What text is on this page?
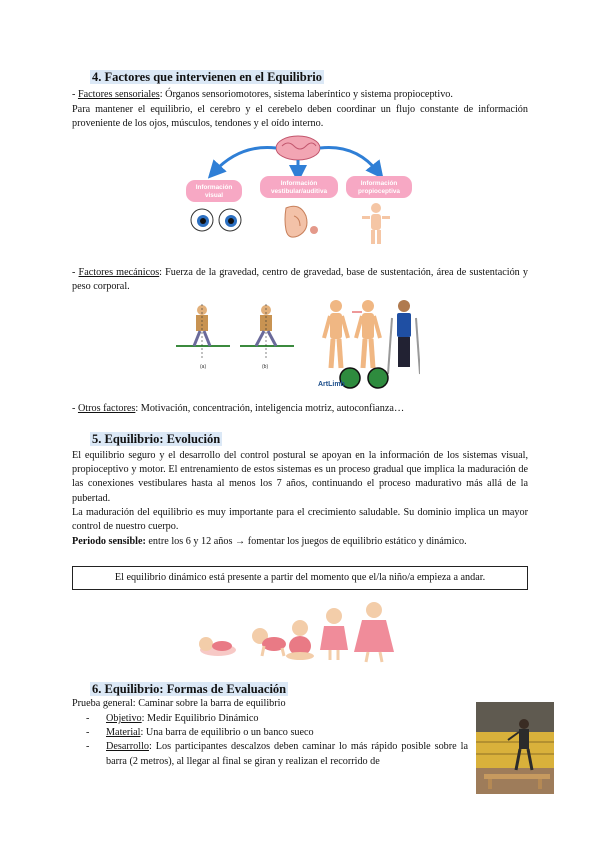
4. Factores que intervienen en el Equilibrio
- Factores sensoriales: Órganos sensoriomotores, sistema laberíntico y sistema propioceptivo.
Para mantener el equilibrio, el cerebro y el cerebelo deben coordinar un flujo constante de información proveniente de los ojos, músculos, tendones y el oído interno.
Información
visual
Información
vestibular/auditiva
Información
propioceptiva
- Factores mecánicos: Fuerza de la gravedad, centro de gravedad, base de sustentación, área de sustentación y peso corporal.
(a)	(b)
ArtLimb
- Otros factores: Motivación, concentración, inteligencia motriz, autoconfianza…
5. Equilibrio: Evolución
El equilibrio seguro y el desarrollo del control postural se apoyan en la información de los sistemas visual, propioceptivo y motor. El entrenamiento de estos sistemas es un proceso gradual que implica la maduración de las conexiones vestibulares hasta al menos los 7 años, continuando el proceso madurativo más allá de la pubertad.
La maduración del equilibrio es muy importante para el crecimiento saludable. Su dominio implica un mayor control de nuestro cuerpo.
Periodo sensible: entre los 6 y 12 años → fomentar los juegos de equilibrio estático y dinámico.
El equilibrio dinámico está presente a partir del momento que el/la niño/a empieza a andar.
6. Equilibrio: Formas de Evaluación
Prueba general: Caminar sobre la barra de equilibrio
- Objetivo: Medir Equilibrio Dinámico
- Material: Una barra de equilibrio o un banco sueco
- Desarrollo: Los participantes descalzos deben caminar lo más rápido posible sobre la barra (2 metros), al llegar al final se giran y realizan el recorrido de
